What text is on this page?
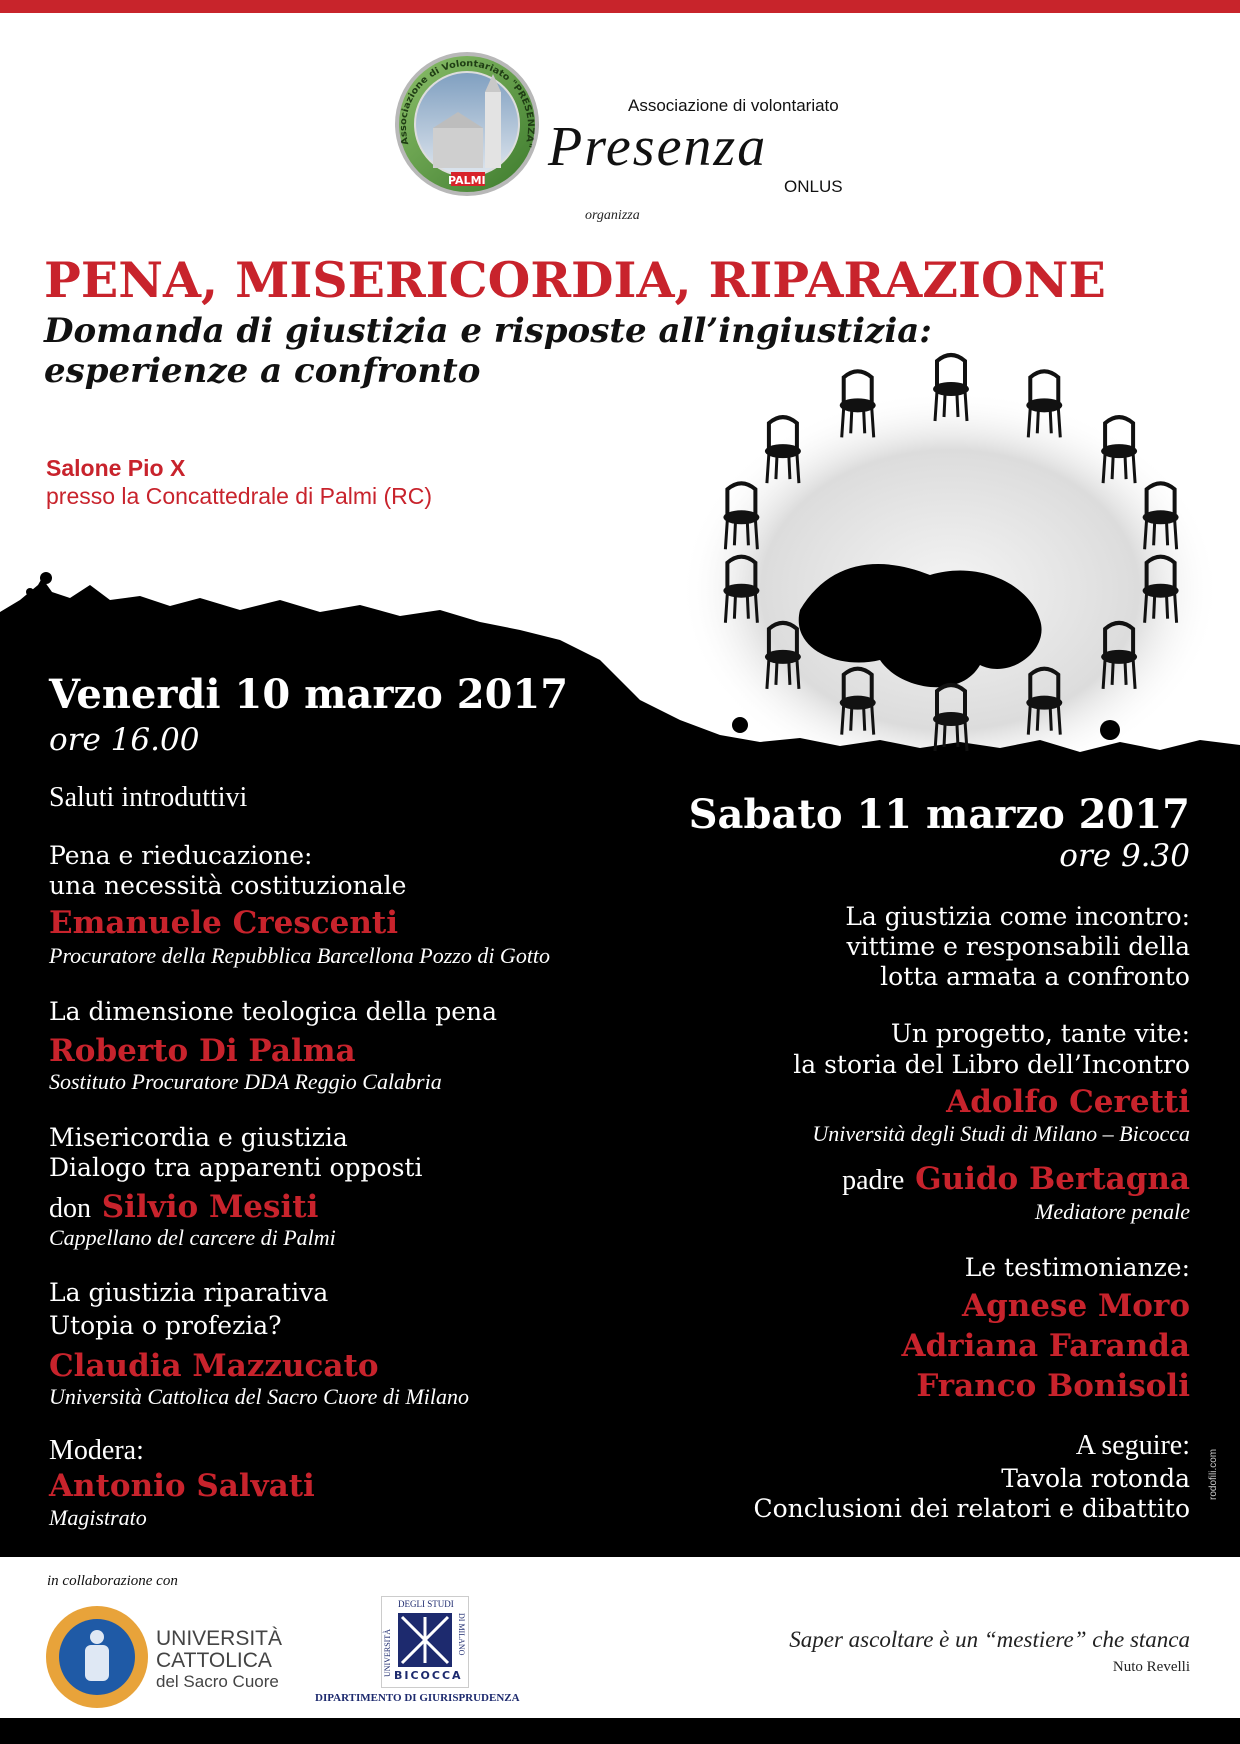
Associazione di Volontariato "PRESENZA"
PALMI
Associazione di volontariato
Presenza
ONLUS
organizza
PENA, MISERICORDIA, RIPARAZIONE
Domanda di giustizia e risposte all’ingiustizia:
esperienze a confronto
Salone Pio X
presso la Concattedrale di Palmi (RC)
Venerdi 10 marzo 2017
ore 16.00
Saluti introduttivi
Pena e rieducazione:
una necessità costituzionale
Emanuele Crescenti
Procuratore della Repubblica Barcellona Pozzo di Gotto
La dimensione teologica della pena
Roberto Di Palma
Sostituto Procuratore DDA Reggio Calabria
Misericordia e giustizia
Dialogo tra apparenti opposti
don Silvio Mesiti
Cappellano del carcere di Palmi
La giustizia riparativa
Utopia o profezia?
Claudia Mazzucato
Università Cattolica del Sacro Cuore di Milano
Modera:
Antonio Salvati
Magistrato
Sabato 11 marzo 2017
ore 9.30
La giustizia come incontro:
vittime e responsabili della
lotta armata a confronto
Un progetto, tante vite:
la storia del Libro dell’Incontro
Adolfo Ceretti
Università degli Studi di Milano – Bicocca
padre Guido Bertagna
Mediatore penale
Le testimonianze:
Agnese Moro
Adriana Faranda
Franco Bonisoli
A seguire:
Tavola rotonda
Conclusioni dei relatori e dibattito
rodofili.com
in collaborazione con
UNIVERSITÀ
CATTOLICA
del Sacro Cuore
DEGLI STUDI
UNIVERSITÀ	DI MILANO
BICOCCA
DIPARTIMENTO DI GIURISPRUDENZA
Saper ascoltare è un “mestiere” che stanca
Nuto Revelli
